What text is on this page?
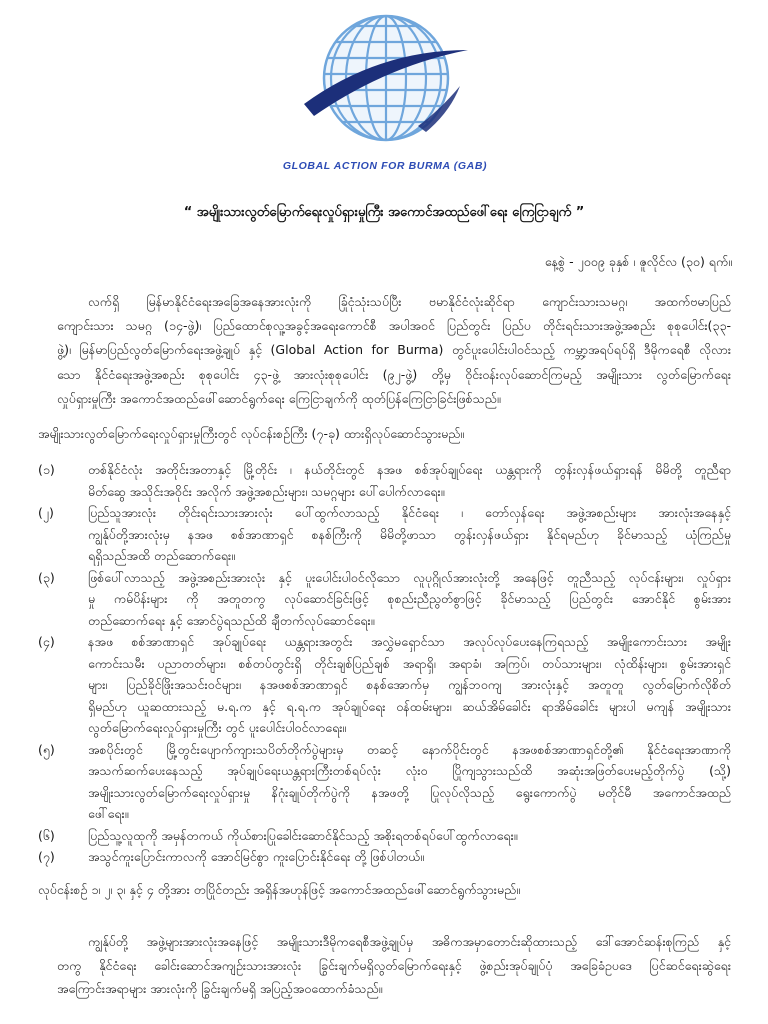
GLOBAL ACTION FOR BURMA (GAB)
“ အမျိုးသားလွတ်မြောက်ရေးလှုပ်ရှားမှုကြီး အကောင်အထည်ဖေါ်ရေး ကြေငြာချက် ”
နေ့စွဲ - ၂၀၀၉ ခုနှစ် ၊ ဇူလိုင်လ (၃၀) ရက်။
လက်ရှိ မြန်မာနိုင်ငံရေးအခြေအနေအားလုံးကို ခြုံငုံသုံးသပ်ပြီး ဗမာနိုင်ငံလုံးဆိုင်ရာ ကျောင်းသားသမဂ္ဂ၊ အထက်ဗမာပြည်
ကျောင်းသား သမဂ္ဂ (၁၄-ဖွဲ့)၊ ပြည်ထောင်စုလူ့အခွင့်အရေးကောင်စီ အပါအဝင် ပြည်တွင်း ပြည်ပ တိုင်းရင်းသားအဖွဲ့အစည်း စုစုပေါင်း(၃၃-
ဖွဲ့)၊ မြန်မာပြည်လွတ်မြောက်ရေးအဖွဲ့ချုပ် နှင့် (Global Action for Burma) တွင်ပူးပေါင်းပါဝင်သည့် ကမ္ဘာ့အရပ်ရပ်ရှိ ဒီမိုကရေစီ လိုလား
သော နိုင်ငံရေးအဖွဲ့အစည်း စုစုပေါင်း ၄၃-ဖွဲ့ အားလုံးစုစုပေါင်း (၉၂-ဖွဲ့) တို့မှ ဝိုင်းဝန်းလုပ်ဆောင်ကြမည့် အမျိုးသား လွတ်မြောက်ရေး
လှုပ်ရှားမှုကြီး အကောင်အထည်ဖေါ်ဆောင်ရွက်ရေး ကြေငြာချက်ကို ထုတ်ပြန်ကြေငြာခြင်းဖြစ်သည်။
အမျိုးသားလွတ်မြောက်ရေးလှုပ်ရှားမှုကြီးတွင် လုပ်ငန်းစဉ်ကြီး (၇-ခု) ထားရှိလုပ်ဆောင်သွားမည်။
(၁)	တစ်နိုင်ငံလုံး အတိုင်းအတာနှင့် မြို့တိုင်း ၊ နယ်တိုင်းတွင် နအဖ စစ်အုပ်ချုပ်ရေး ယန္တရားကို တွန်းလှန်ဖယ်ရှားရန် မိမိတို့ တူညီရာ
မိတ်ဆွေ အသိုင်းအဝိုင်း အလိုက် အဖွဲ့အစည်းများ၊ သမဂ္ဂများ ပေါ်ပေါက်လာရေး။
(၂)	ပြည်သူအားလုံး တိုင်းရင်းသားအားလုံး ပေါ်ထွက်လာသည့် နိုင်ငံရေး ၊ တော်လှန်ရေး အဖွဲ့အစည်းများ အားလုံးအနေနှင့်
ကျွန်ုပ်တို့အားလုံးမှ နအဖ စစ်အာဏာရှင် စနစ်ကြီးကို မိမိတို့ဖာသာ တွန်းလှန်ဖယ်ရှား နိုင်ရမည်ဟု ခိုင်မာသည့် ယုံကြည်မှု
ရရှိသည်အထိ တည်ဆောက်ရေး။
(၃)	ဖြစ်ပေါ်လာသည့် အဖွဲ့အစည်းအားလုံး နှင့် ပူးပေါင်းပါဝင်လိုသော လူပုဂ္ဂိုလ်အားလုံးတို့ အနေဖြင့် တူညီသည့် လုပ်ငန်းများ၊ လှုပ်ရှား
မှု ကမ်ပိန်းများ ကို အတူတကွ လုပ်ဆောင်ခြင်းဖြင့် စုစည်းညီညွတ်စွာဖြင့် ခိုင်မာသည့် ပြည်တွင်း အောင်နိုင် စွမ်းအား
တည်ဆောက်ရေး နှင့် အောင်ပွဲရသည်ထိ ချီတက်လုပ်ဆောင်ရေး။
(၄)	နအဖ စစ်အာဏာရှင် အုပ်ချုပ်ရေး ယန္တရားအတွင်း အလွှဲမရှောင်သာ အလုပ်လုပ်ပေးနေကြရသည့် အမျိုးကောင်းသား အမျိုး
ကောင်းသမီး ပညာတတ်များ၊ စစ်တပ်တွင်းရှိ တိုင်းချစ်ပြည်ချစ် အရာရှိ၊ အရာခံ၊ အကြပ်၊ တပ်သားများ၊ လုံထိန်းများ၊ စွမ်းအားရှင်
များ၊ ပြည်ခိုင်ဖြိုးအသင်းဝင်များ၊ နအဖစစ်အာဏာရှင် စနစ်အောက်မှ ကျွန်ဘဝကျ အားလုံးနှင့် အတူတူ လွတ်မြောက်လိုစိတ်
ရှိမည်ဟု ယူဆထားသည့် မ.ရ.က နှင့် ရ.ရ.က အုပ်ချုပ်ရေး ဝန်ထမ်းများ၊ ဆယ်အိမ်ခေါင်း ရာအိမ်ခေါင်း များပါ မကျန် အမျိုးသား
လွတ်မြောက်ရေးလှုပ်ရှားမှုကြီး တွင် ပူးပေါင်းပါဝင်လာရေး။
(၅)	အစပိုင်းတွင် မြို့တွင်းပျောက်ကျားသပိတ်တိုက်ပွဲများမှ တဆင့် နောက်ပိုင်းတွင် နအဖစစ်အာဏာရှင်တို့၏ နိုင်ငံရေးအာဏာကို
အသက်ဆက်ပေးနေသည့် အုပ်ချုပ်ရေးယန္တရားကြီးတစ်ရပ်လုံး လုံး၀ ပြိုကျသွားသည်ထိ အဆုံးအဖြတ်ပေးမည့်တိုက်ပွဲ (သို့)
အမျိုးသားလွတ်မြောက်ရေးလှုပ်ရှားမှု နိဂုံးချုပ်တိုက်ပွဲကို နအဖတို့ ပြုလုပ်လိုသည့် ရွေးကောက်ပွဲ မတိုင်မီ အကောင်အထည်
ဖေါ်ရေး။
(၆)	ပြည်သူ့လူထုကို အမှန်တကယ် ကိုယ်စားပြုခေါင်းဆောင်နိုင်သည့် အစိုးရတစ်ရပ်ပေါ်ထွက်လာရေး။
(၇)	အသွင်ကူးပြောင်းကာလကို အောင်မြင်စွာ ကူးပြောင်းနိုင်ရေး တို့ ဖြစ်ပါတယ်။
လုပ်ငန်းစဉ် ၁၊ ၂၊ ၃၊ နှင့် ၄ တို့အား တပြိုင်တည်း အရှိန်အဟုန်ဖြင့် အကောင်အထည်ဖေါ်ဆောင်ရွက်သွားမည်။
ကျွန်ုပ်တို့ အဖွဲ့များအားလုံးအနေဖြင့် အမျိုးသားဒီမိုကရေစီအဖွဲ့ချုပ်မှ အဓိကအမှာတောင်းဆိုထားသည့် ဒေါ်အောင်ဆန်းစုကြည် နှင့်
တကွ နိုင်ငံရေး ခေါင်းဆောင်အကျဉ်းသားအားလုံး ခြွင်းချက်မရှိလွတ်မြောက်ရေးနှင့် ဖွဲ့စည်းအုပ်ချုပ်ပုံ အခြေခံဥပဒေ ပြင်ဆင်ရေးဆွဲရေး
အကြောင်းအရာများ အားလုံးကို ခြွင်းချက်မရှိ အပြည့်အဝထောက်ခံသည်။
